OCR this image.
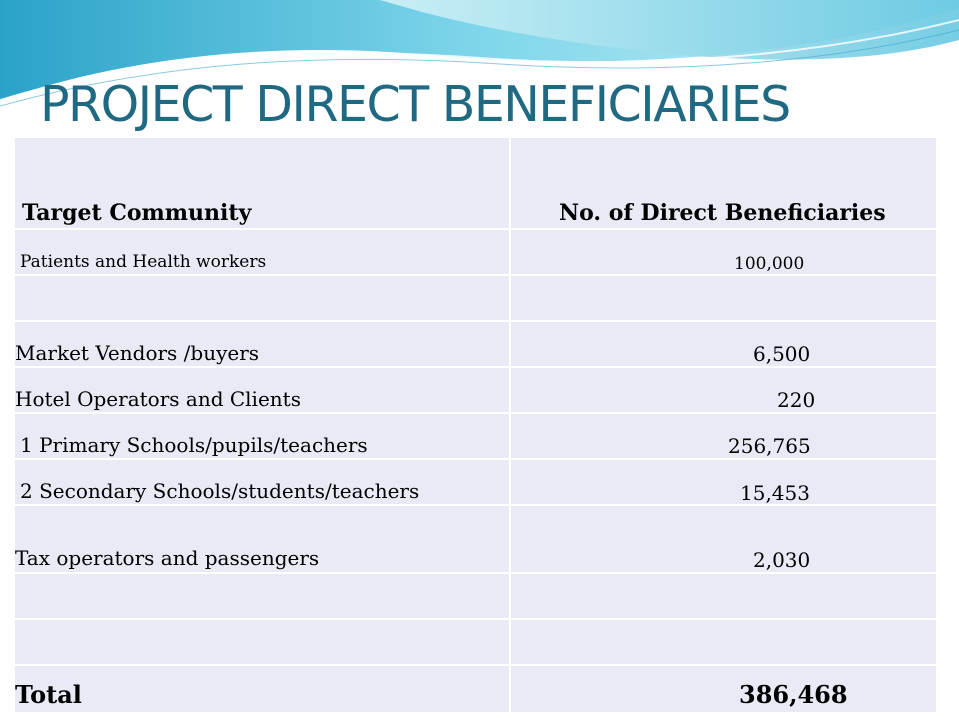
PROJECT DIRECT BENEFICIARIES
Target Community	No. of Direct Beneficiaries
Patients and Health workers	100,000
Market Vendors /buyers	6,500
Hotel Operators and Clients	220
1 Primary Schools/pupils/teachers	256,765
2 Secondary Schools/students/teachers	15,453
Tax operators and passengers	2,030
Total	386,468
